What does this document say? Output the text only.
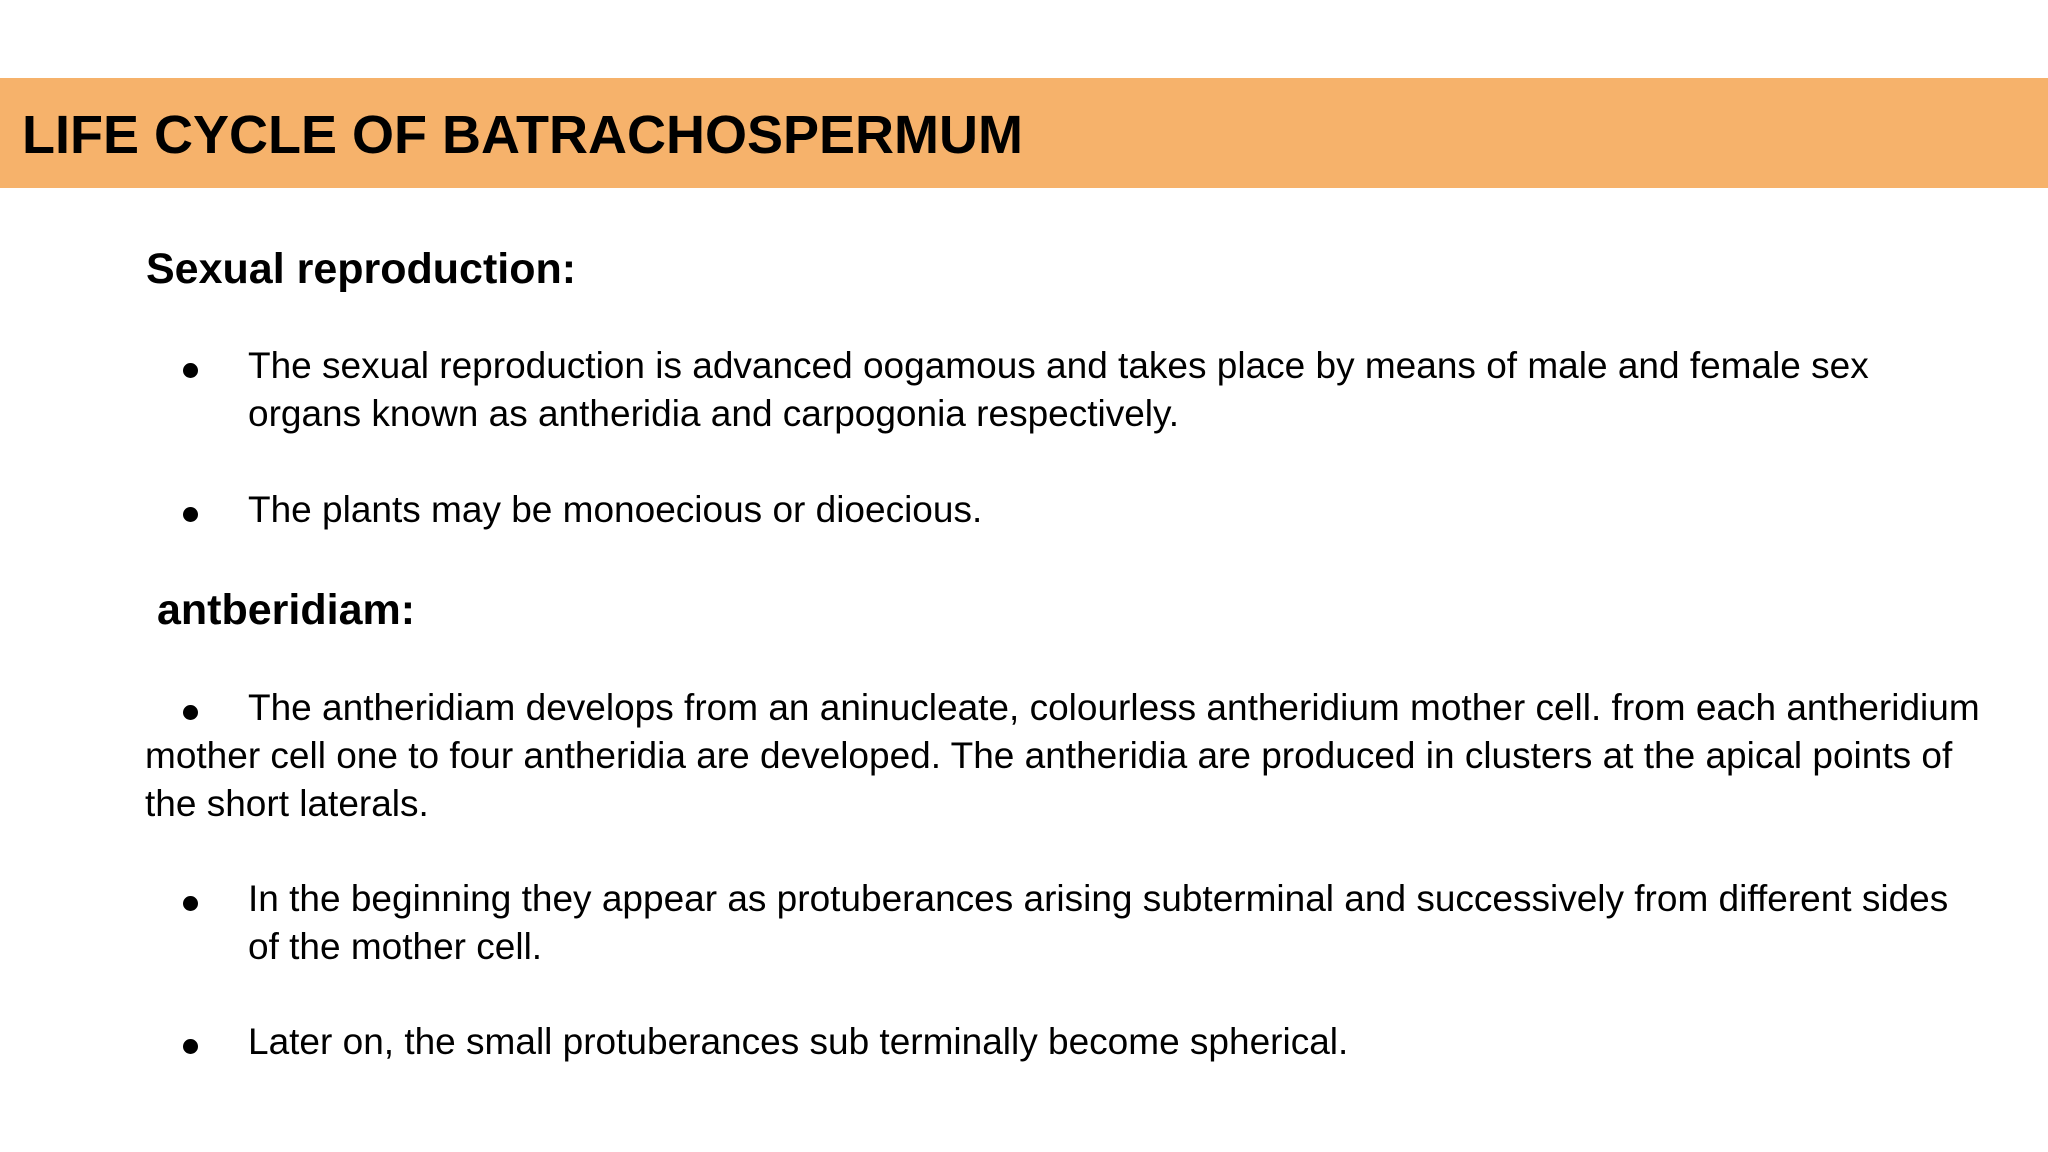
LIFE CYCLE OF BATRACHOSPERMUM
Sexual reproduction:
The sexual reproduction is advanced oogamous and takes place by means of male and female sex organs known as antheridia and carpogonia respectively.
The plants may be monoecious or dioecious.
antberidiam:
The antheridiam develops from an aninucleate, colourless antheridium mother cell. from each antheridium mother cell one to four antheridia are developed. The antheridia are produced in clusters at the apical points of the short laterals.
In the beginning they appear as protuberances arising subterminal and successively from different sides of the mother cell.
Later on, the small protuberances sub terminally become spherical.
